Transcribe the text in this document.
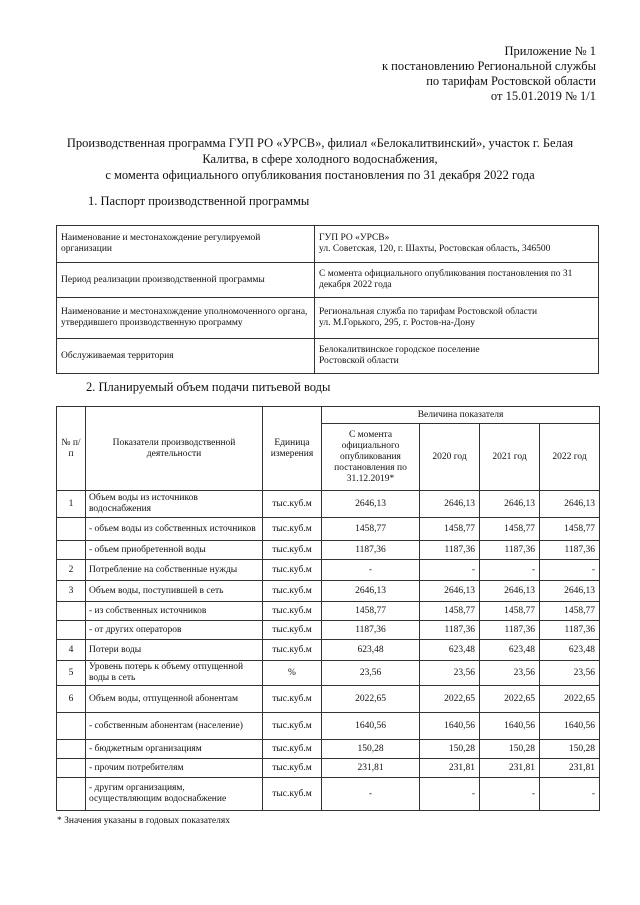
Приложение № 1
к постановлению Региональной службы
по тарифам Ростовской области
от 15.01.2019 № 1/1
Производственная программа ГУП РО «УРСВ», филиал «Белокалитвинский», участок г. Белая
Калитва, в сфере холодного водоснабжения,
с момента официального опубликования постановления по 31 декабря 2022 года
1. Паспорт производственной программы
Наименование и местонахождение регулируемой организации	ГУП РО «УРСВ»
ул. Советская, 120, г. Шахты, Ростовская область, 346500

Период реализации производственной программы	С момента официального опубликования постановления по 31 декабря 2022 года

Наименование и местонахождение уполномоченного органа, утвердившего производственную программу	Региональная служба по тарифам Ростовской области
ул. М.Горького, 295, г. Ростов-на-Дону

Обслуживаемая территория	Белокалитвинское городское поселение
Ростовской области
2. Планируемый объем подачи питьевой воды
№ п/п	Показатели производственной деятельности	Единица измерения	Величина показателя			
			С момента официального опубликования постановления по 31.12.2019*	2020 год	2021 год	2022 год
1	Объем воды из источников водоснабжения	тыс.куб.м	2646,13	2646,13	2646,13	2646,13
	- объем воды из собственных источников	тыс.куб.м	1458,77	1458,77	1458,77	1458,77
	- объем приобретенной воды	тыс.куб.м	1187,36	1187,36	1187,36	1187,36
2	Потребление на собственные нужды	тыс.куб.м	-	-	-	-
3	Объем воды, поступившей в сеть	тыс.куб.м	2646,13	2646,13	2646,13	2646,13
	- из собственных источников	тыс.куб.м	1458,77	1458,77	1458,77	1458,77
	- от других операторов	тыс.куб.м	1187,36	1187,36	1187,36	1187,36
4	Потери воды	тыс.куб.м	623,48	623,48	623,48	623,48
5	Уровень потерь к объему отпущенной воды в сеть	%	23,56	23,56	23,56	23,56
6	Объем воды, отпущенной абонентам	тыс.куб.м	2022,65	2022,65	2022,65	2022,65
	- собственным абонентам (население)	тыс.куб.м	1640,56	1640,56	1640,56	1640,56
	- бюджетным организациям	тыс.куб.м	150,28	150,28	150,28	150,28
	- прочим потребителям	тыс.куб.м	231,81	231,81	231,81	231,81
	- другим организациям, осуществляющим водоснабжение	тыс.куб.м	-	-	-	-
* Значения указаны в годовых показателях
